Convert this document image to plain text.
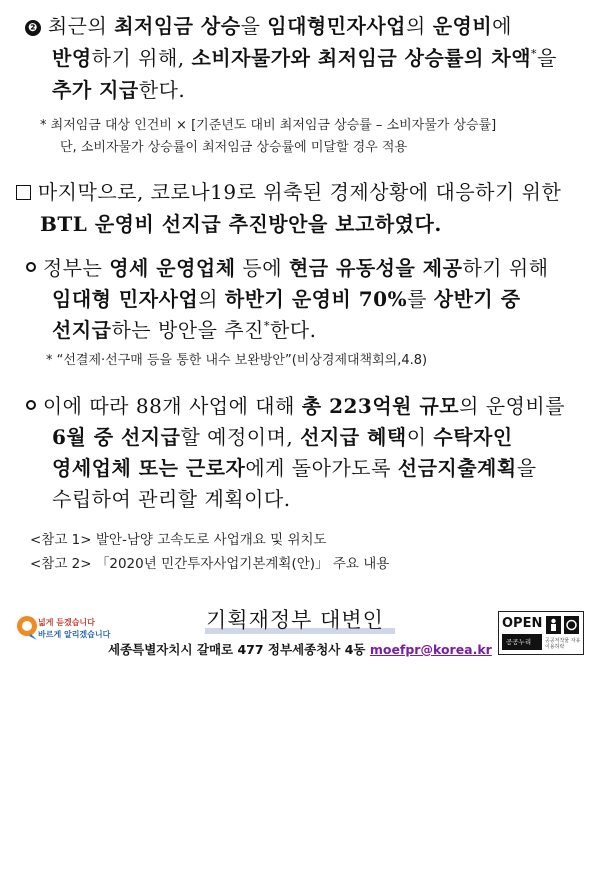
❷ 최근의 최저임금 상승을 임대형민자사업의 운영비에
반영하기 위해, 소비자물가와 최저임금 상승률의 차액*을
추가 지급한다.
* 최저임금 대상 인건비 × [기준년도 대비 최저임금 상승률 – 소비자물가 상승률]
단, 소비자물가 상승률이 최저임금 상승률에 미달할 경우 적용
마지막으로, 코로나19로 위축된 경제상황에 대응하기 위한
BTL 운영비 선지급 추진방안을 보고하였다.
정부는 영세 운영업체 등에 현금 유동성을 제공하기 위해
임대형 민자사업의 하반기 운영비 70%를 상반기 중
선지급하는 방안을 추진*한다.
* “선결제·선구매 등을 통한 내수 보완방안”(비상경제대책회의,4.8)
이에 따라 88개 사업에 대해 총 223억원 규모의 운영비를
6월 중 선지급할 예정이며, 선지급 혜택이 수탁자인
영세업체 또는 근로자에게 돌아가도록 선금지출계획을
수립하여 관리할 계획이다.
<참고 1> 발안-남양 고속도로 사업개요 및 위치도
<참고 2> 「2020년 민간투자사업기본계획(안)」 주요 내용
넓게 듣겠습니다
바르게 알리겠습니다
기획재정부 대변인
세종특별자치시 갈매로 477 정부세종청사 4동 moefpr@korea.kr
OPEN
공공누리	공공저작물 자유이용허락
